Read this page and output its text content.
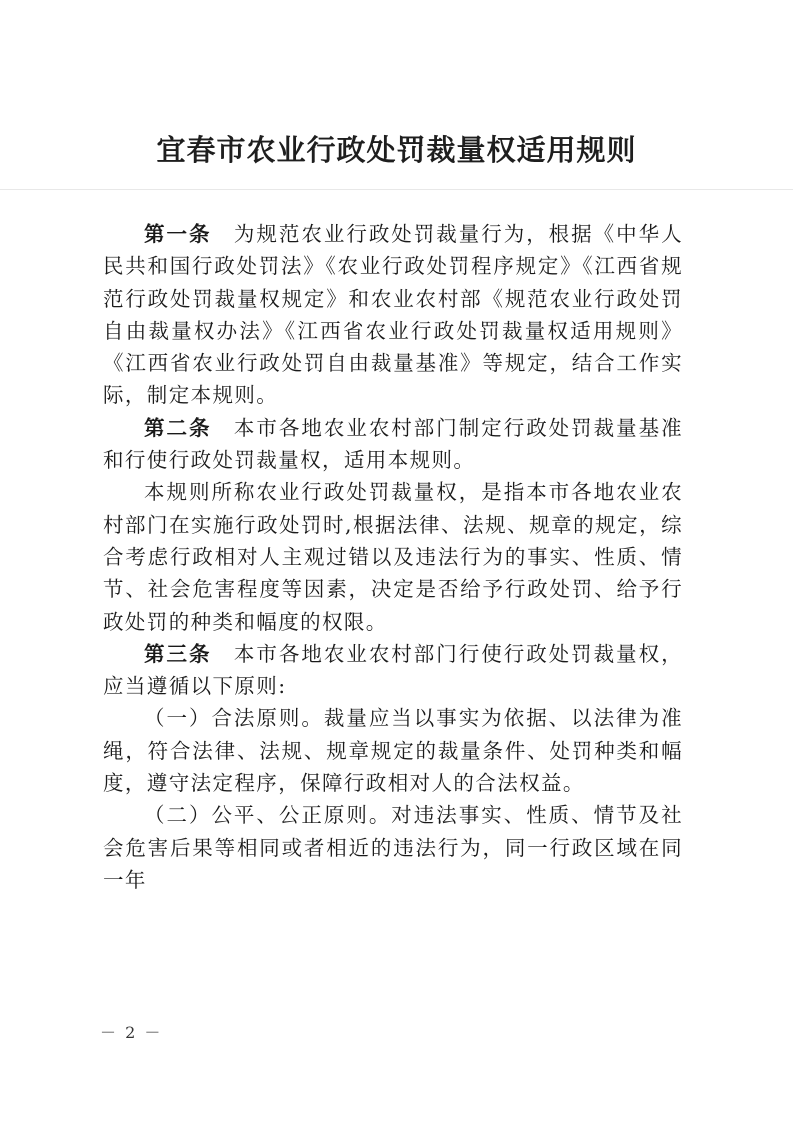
宜春市农业行政处罚裁量权适用规则

第一条　为规范农业行政处罚裁量行为，根据《中华人民共和国行政处罚法》《农业行政处罚程序规定》《江西省规范行政处罚裁量权规定》和农业农村部《规范农业行政处罚自由裁量权办法》《江西省农业行政处罚裁量权适用规则》《江西省农业行政处罚自由裁量基准》等规定，结合工作实际，制定本规则。

第二条　本市各地农业农村部门制定行政处罚裁量基准和行使行政处罚裁量权，适用本规则。

本规则所称农业行政处罚裁量权，是指本市各地农业农村部门在实施行政处罚时,根据法律、法规、规章的规定，综合考虑行政相对人主观过错以及违法行为的事实、性质、情节、社会危害程度等因素，决定是否给予行政处罚、给予行政处罚的种类和幅度的权限。

第三条　本市各地农业农村部门行使行政处罚裁量权，应当遵循以下原则:

（一）合法原则。裁量应当以事实为依据、以法律为准绳，符合法律、法规、规章规定的裁量条件、处罚种类和幅度，遵守法定程序，保障行政相对人的合法权益。

（二）公平、公正原则。对违法事实、性质、情节及社会危害后果等相同或者相近的违法行为，同一行政区域在同一年

－ 2 －
